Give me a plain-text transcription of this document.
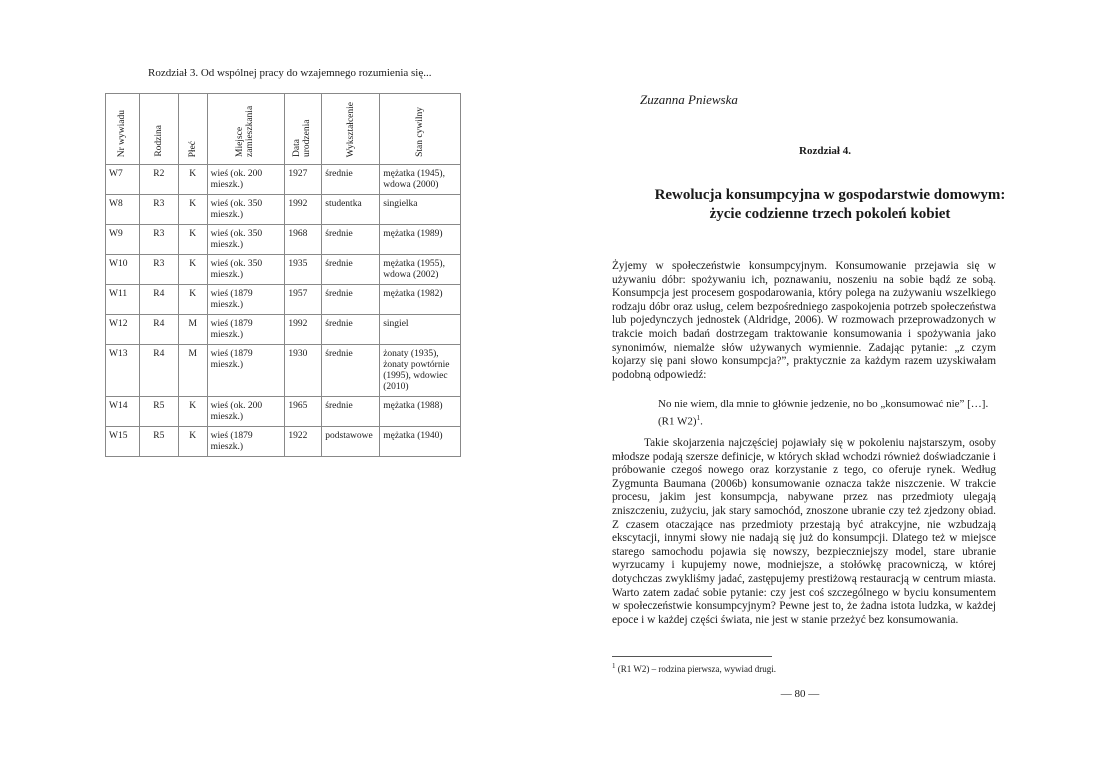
Rozdział 3. Od wspólnej pracy do wzajemnego rozumienia się...
Nr wywiadu	Rodzina	Płeć	Miejsce zamieszkania	Data urodzenia	Wykształcenie	Stan cywilny
W7	R2	K	wieś (ok. 200 mieszk.)	1927	średnie	mężatka (1945), wdowa (2000)
W8	R3	K	wieś (ok. 350 mieszk.)	1992	studentka	singielka
W9	R3	K	wieś (ok. 350 mieszk.)	1968	średnie	mężatka (1989)
W10	R3	K	wieś (ok. 350 mieszk.)	1935	średnie	mężatka (1955), wdowa (2002)
W11	R4	K	wieś (1879 mieszk.)	1957	średnie	mężatka (1982)
W12	R4	M	wieś (1879 mieszk.)	1992	średnie	singiel
W13	R4	M	wieś (1879 mieszk.)	1930	średnie	żonaty (1935), żonaty powtórnie (1995), wdowiec (2010)
W14	R5	K	wieś (ok. 200 mieszk.)	1965	średnie	mężatka (1988)
W15	R5	K	wieś (1879 mieszk.)	1922	podstawowe	mężatka (1940)
Zuzanna Pniewska
Rozdział 4.
Rewolucja konsumpcyjna w gospodarstwie domowym:
życie codzienne trzech pokoleń kobiet

Żyjemy w społeczeństwie konsumpcyjnym. Konsumowanie przejawia się w używaniu dóbr: spożywaniu ich, poznawaniu, noszeniu na sobie bądź ze sobą. Konsumpcja jest procesem gospodarowania, który polega na zużywaniu wszelkiego rodzaju dóbr oraz usług, celem bezpośredniego zaspokojenia potrzeb społeczeństwa lub pojedynczych jednostek (Aldridge, 2006). W rozmowach przeprowadzonych w trakcie moich badań dostrzegam traktowanie konsumowania i spożywania jako synonimów, niemalże słów używanych wymiennie. Zadając pytanie: „z czym kojarzy się pani słowo konsumpcja?”, praktycznie za każdym razem uzyskiwałam podobną odpowiedź:

No nie wiem, dla mnie to głównie jedzenie, no bo „konsumować nie” […].
(R1 W2)$^1$.

Takie skojarzenia najczęściej pojawiały się w pokoleniu najstarszym, osoby młodsze podają szersze definicje, w których skład wchodzi również doświadczanie i próbowanie czegoś nowego oraz korzystanie z tego, co oferuje rynek. Według Zygmunta Baumana (2006b) konsumowanie oznacza także niszczenie. W trakcie procesu, jakim jest konsumpcja, nabywane przez nas przedmioty ulegają zniszczeniu, zużyciu, jak stary samochód, znoszone ubranie czy też zjedzony obiad. Z czasem otaczające nas przedmioty przestają być atrakcyjne, nie wzbudzają ekscytacji, innymi słowy nie nadają się już do konsumpcji. Dlatego też w miejsce starego samochodu pojawia się nowszy, bezpieczniejszy model, stare ubranie wyrzucamy i kupujemy nowe, modniejsze, a stołówkę pracowniczą, w której dotychczas zwykliśmy jadać, zastępujemy prestiżową restauracją w centrum miasta. Warto zatem zadać sobie pytanie: czy jest coś szczególnego w byciu konsumentem w społeczeństwie konsumpcyjnym? Pewne jest to, że żadna istota ludzka, w każdej epoce i w każdej części świata, nie jest w stanie przeżyć bez konsumowania.

$^1$ (R1 W2) – rodzina pierwsza, wywiad drugi.
— 80 —
